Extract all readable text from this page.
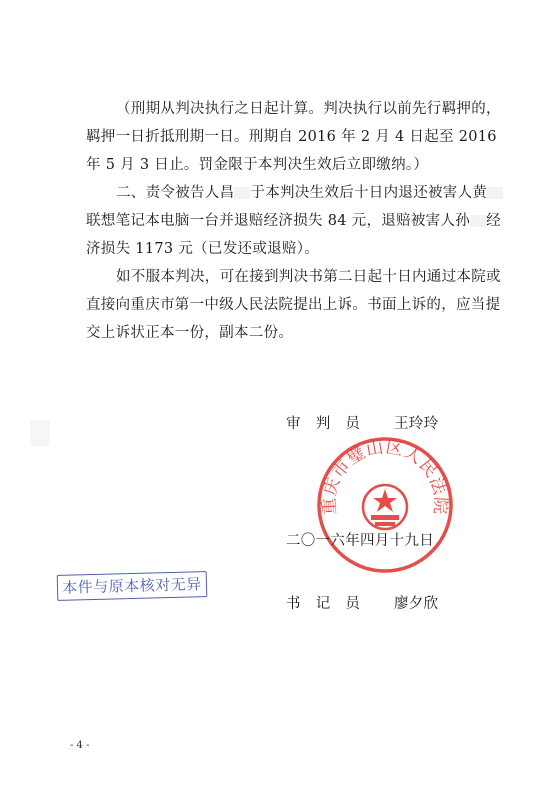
（刑期从判决执行之日起计算。判决执行以前先行羁押的，羁押一日折抵刑期一日。刑期自 2016 年 2 月 4 日起至 2016 年 5 月 3 日止。罚金限于本判决生效后立即缴纳。）
二、责令被告人昌 于本判决生效后十日内退还被害人黄联想笔记本电脑一台并退赔经济损失 84 元，退赔被害人孙 经济损失 1173 元（已发还或退赔）。
如不服本判决，可在接到判决书第二日起十日内通过本院或直接向重庆市第一中级人民法院提出上诉。书面上诉的，应当提交上诉状正本一份，副本二份。
审 判 员 王玲玲
重庆市璧山区人民法院
二〇一六年四月十九日
本件与原本核对无异
书 记 员 廖夕欣
- 4 -
